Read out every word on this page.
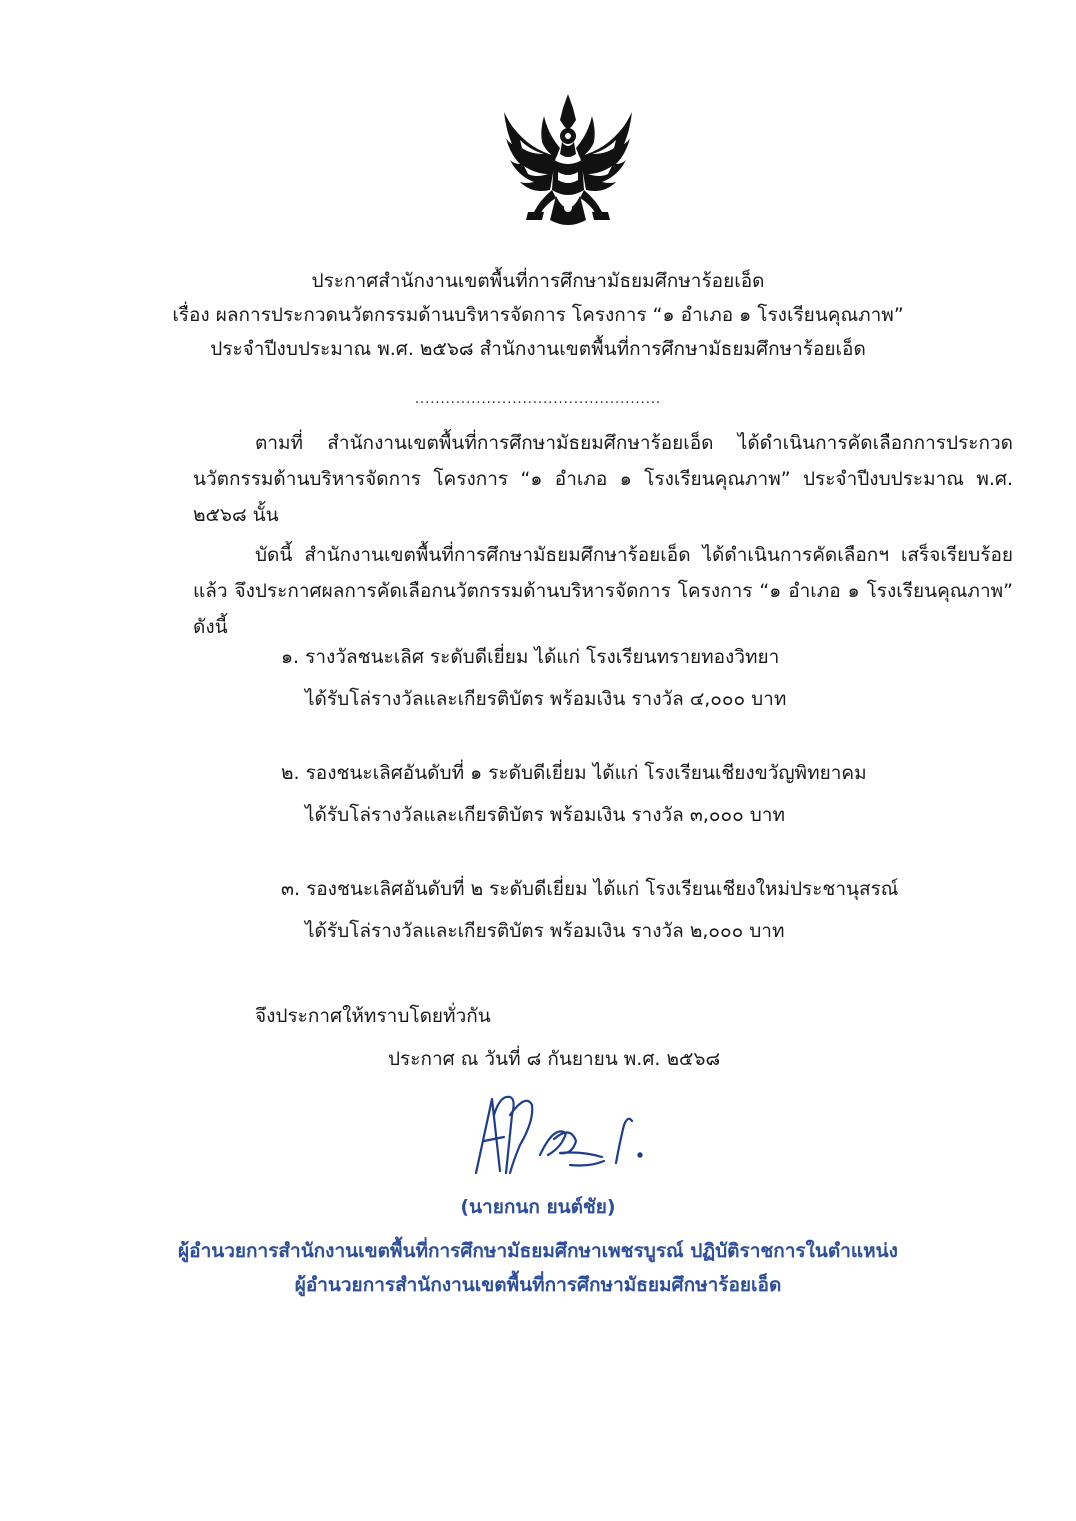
ประกาศสำนักงานเขตพื้นที่การศึกษามัธยมศึกษาร้อยเอ็ด
เรื่อง ผลการประกวดนวัตกรรมด้านบริหารจัดการ โครงการ “๑ อำเภอ ๑ โรงเรียนคุณภาพ”
ประจำปีงบประมาณ พ.ศ. ๒๕๖๘ สำนักงานเขตพื้นที่การศึกษามัธยมศึกษาร้อยเอ็ด
................................................
ตามที่ สำนักงานเขตพื้นที่การศึกษามัธยมศึกษาร้อยเอ็ด ได้ดำเนินการคัดเลือกการประกวดนวัตกรรมด้านบริหารจัดการ โครงการ “๑ อำเภอ ๑ โรงเรียนคุณภาพ” ประจำปีงบประมาณ พ.ศ. ๒๕๖๘ นั้น
บัดนี้ สำนักงานเขตพื้นที่การศึกษามัธยมศึกษาร้อยเอ็ด ได้ดำเนินการคัดเลือกฯ เสร็จเรียบร้อยแล้ว จึงประกาศผลการคัดเลือกนวัตกรรมด้านบริหารจัดการ โครงการ “๑ อำเภอ ๑ โรงเรียนคุณภาพ” ดังนี้
๑. รางวัลชนะเลิศ ระดับดีเยี่ยม ได้แก่ โรงเรียนทรายทองวิทยา
ได้รับโล่รางวัลและเกียรติบัตร พร้อมเงิน รางวัล ๔,๐๐๐ บาท
๒. รองชนะเลิศอันดับที่ ๑ ระดับดีเยี่ยม ได้แก่ โรงเรียนเชียงขวัญพิทยาคม
ได้รับโล่รางวัลและเกียรติบัตร พร้อมเงิน รางวัล ๓,๐๐๐ บาท
๓. รองชนะเลิศอันดับที่ ๒ ระดับดีเยี่ยม ได้แก่ โรงเรียนเชียงใหม่ประชานุสรณ์
ได้รับโล่รางวัลและเกียรติบัตร พร้อมเงิน รางวัล ๒,๐๐๐ บาท
จึงประกาศให้ทราบโดยทั่วกัน
ประกาศ ณ วันที่ ๘ กันยายน พ.ศ. ๒๕๖๘
(นายกนก ยนต์ชัย)
ผู้อำนวยการสำนักงานเขตพื้นที่การศึกษามัธยมศึกษาเพชรบูรณ์ ปฏิบัติราชการในตำแหน่ง
ผู้อำนวยการสำนักงานเขตพื้นที่การศึกษามัธยมศึกษาร้อยเอ็ด
